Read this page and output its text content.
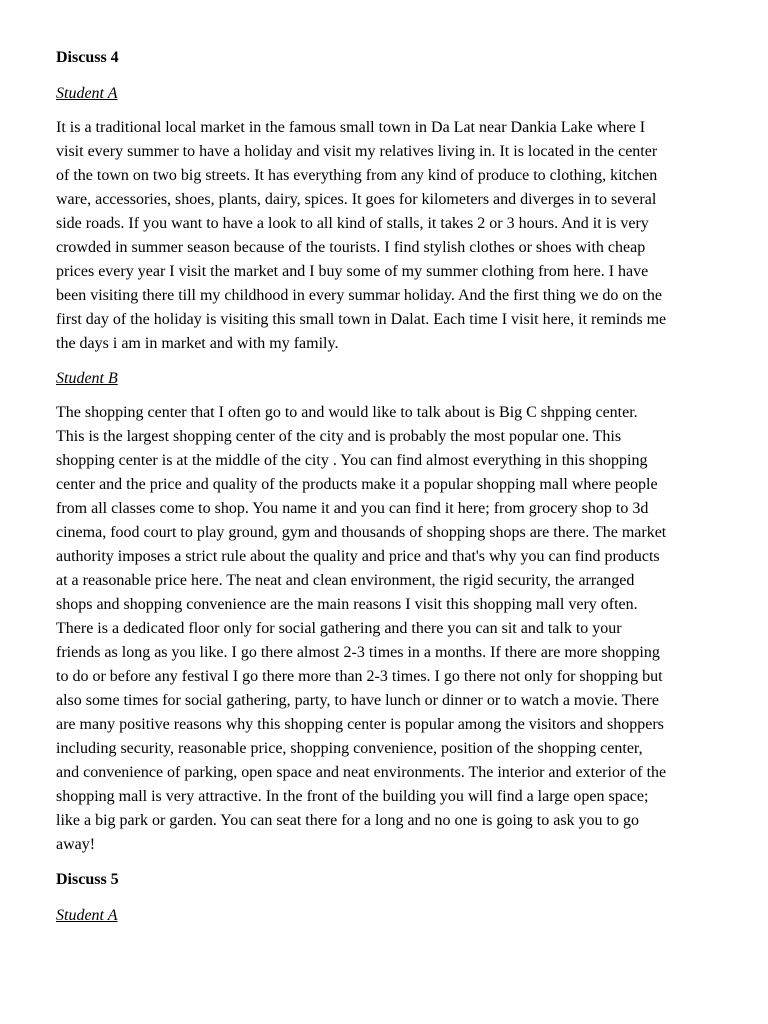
Discuss 4
Student A
It is a traditional local market in the famous small town in Da Lat near Dankia Lake where I
visit every summer to have a holiday and visit my relatives living in. It is located in the center
of the town on two big streets. It has everything from any kind of produce to clothing, kitchen
ware, accessories, shoes, plants, dairy, spices. It goes for kilometers and diverges in to several
side roads. If you want to have a look to all kind of stalls, it takes 2 or 3 hours. And it is very
crowded in summer season because of the tourists. I find stylish clothes or shoes with cheap
prices every year I visit the market and I buy some of my summer clothing from here. I have
been visiting there till my childhood in every summar holiday. And the first thing we do on the
first day of the holiday is visiting this small town in Dalat. Each time I visit here, it reminds me
the days i am in market and with my family.
Student B
The shopping center that I often go to and would like to talk about is Big C shpping center.
This is the largest shopping center of the city and is probably the most popular one. This
shopping center is at the middle of the city . You can find almost everything in this shopping
center and the price and quality of the products make it a popular shopping mall where people
from all classes come to shop. You name it and you can find it here; from grocery shop to 3d
cinema, food court to play ground, gym and thousands of shopping shops are there. The market
authority imposes a strict rule about the quality and price and that's why you can find products
at a reasonable price here. The neat and clean environment, the rigid security, the arranged
shops and shopping convenience are the main reasons I visit this shopping mall very often.
There is a dedicated floor only for social gathering and there you can sit and talk to your
friends as long as you like. I go there almost 2-3 times in a months. If there are more shopping
to do or before any festival I go there more than 2-3 times. I go there not only for shopping but
also some times for social gathering, party, to have lunch or dinner or to watch a movie. There
are many positive reasons why this shopping center is popular among the visitors and shoppers
including security, reasonable price, shopping convenience, position of the shopping center,
and convenience of parking, open space and neat environments. The interior and exterior of the
shopping mall is very attractive. In the front of the building you will find a large open space;
like a big park or garden. You can seat there for a long and no one is going to ask you to go
away!
Discuss 5
Student A
